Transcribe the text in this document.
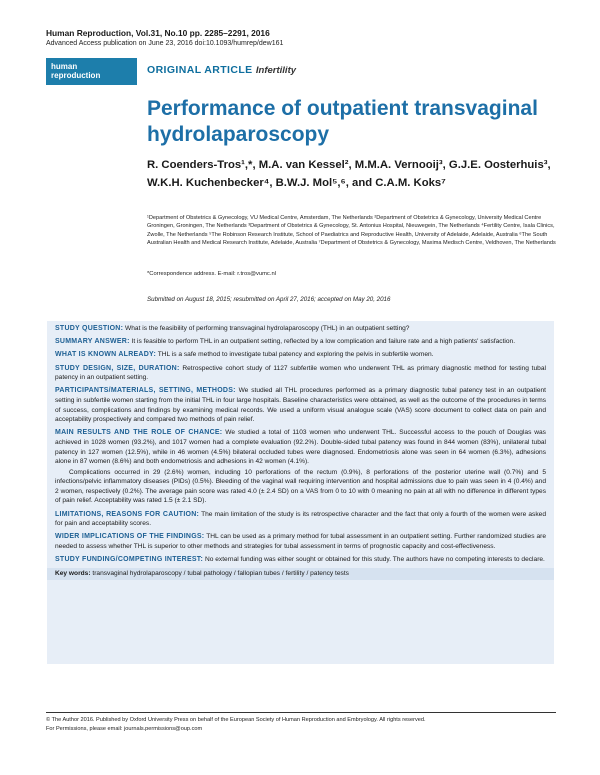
Human Reproduction, Vol.31, No.10 pp. 2285–2291, 2016
Advanced Access publication on June 23, 2016 doi:10.1093/humrep/dew161
human
reproduction	ORIGINAL ARTICLE Infertility
Performance of outpatient transvaginal hydrolaparoscopy
R. Coenders-Tros¹,*, M.A. van Kessel², M.M.A. Vernooij³, G.J.E. Oosterhuis³, W.K.H. Kuchenbecker⁴, B.W.J. Mol⁵,⁶, and C.A.M. Koks⁷
¹Department of Obstetrics & Gynecology, VU Medical Centre, Amsterdam, The Netherlands ²Department of Obstetrics & Gynecology, University Medical Centre Groningen, Groningen, The Netherlands ³Department of Obstetrics & Gynecology, St. Antonius Hospital, Nieuwegein, The Netherlands ⁴Fertility Centre, Isala Clinics, Zwolle, The Netherlands ⁵The Robinson Research Institute, School of Paediatrics and Reproductive Health, University of Adelaide, Adelaide, Australia ⁶The South Australian Health and Medical Research Institute, Adelaide, Australia ⁷Department of Obstetrics & Gynecology, Maxima Medisch Centre, Veldhoven, The Netherlands
*Correspondence address. E-mail: r.tros@vumc.nl
Submitted on August 18, 2015; resubmitted on April 27, 2016; accepted on May 20, 2016

STUDY QUESTION: What is the feasibility of performing transvaginal hydrolaparoscopy (THL) in an outpatient setting?

SUMMARY ANSWER: It is feasible to perform THL in an outpatient setting, reflected by a low complication and failure rate and a high patients' satisfaction.

WHAT IS KNOWN ALREADY: THL is a safe method to investigate tubal patency and exploring the pelvis in subfertile women.

STUDY DESIGN, SIZE, DURATION: Retrospective cohort study of 1127 subfertile women who underwent THL as primary diagnostic method for testing tubal patency in an outpatient setting.

PARTICIPANTS/MATERIALS, SETTING, METHODS: We studied all THL procedures performed as a primary diagnostic tubal patency test in an outpatient setting in subfertile women starting from the initial THL in four large hospitals. Baseline characteristics were obtained, as well as the outcome of the procedures in terms of success, complications and findings by examining medical records. We used a uniform visual analogue scale (VAS) score document to collect data on pain and acceptability prospectively and compared two methods of pain relief.

MAIN RESULTS AND THE ROLE OF CHANCE: We studied a total of 1103 women who underwent THL. Successful access to the pouch of Douglas was achieved in 1028 women (93.2%), and 1017 women had a complete evaluation (92.2%). Double-sided tubal patency was found in 844 women (83%), unilateral tubal patency in 127 women (12.5%), while in 46 women (4.5%) bilateral occluded tubes were diagnosed. Endometriosis alone was seen in 64 women (6.3%), adhesions alone in 87 women (8.6%) and both endometriosis and adhesions in 42 women (4.1%).

Complications occurred in 29 (2.6%) women, including 10 perforations of the rectum (0.9%), 8 perforations of the posterior uterine wall (0.7%) and 5 infections/pelvic inflammatory diseases (PIDs) (0.5%). Bleeding of the vaginal wall requiring intervention and hospital admissions due to pain was seen in 4 (0.4%) and 2 women, respectively (0.2%). The average pain score was rated 4.0 (± 2.4 SD) on a VAS from 0 to 10 with 0 meaning no pain at all with no difference in different types of pain relief. Acceptability was rated 1.5 (± 2.1 SD).

LIMITATIONS, REASONS FOR CAUTION: The main limitation of the study is its retrospective character and the fact that only a fourth of the women were asked for pain and acceptability scores.

WIDER IMPLICATIONS OF THE FINDINGS: THL can be used as a primary method for tubal assessment in an outpatient setting. Further randomized studies are needed to assess whether THL is superior to other methods and strategies for tubal assessment in terms of prognostic capacity and cost-effectiveness.

STUDY FUNDING/COMPETING INTEREST: No external funding was either sought or obtained for this study. The authors have no competing interests to declare.

Key words: transvaginal hydrolaparoscopy / tubal pathology / fallopian tubes / fertility / patency tests
© The Author 2016. Published by Oxford University Press on behalf of the European Society of Human Reproduction and Embryology. All rights reserved.
For Permissions, please email: journals.permissions@oup.com
